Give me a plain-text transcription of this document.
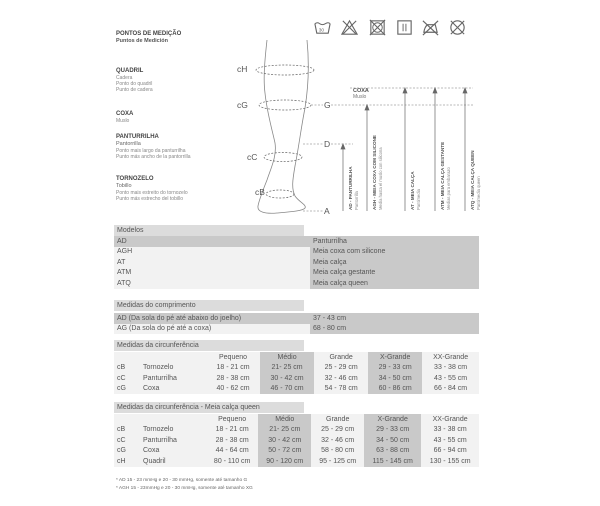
PONTOS DE MEDIÇÃO
Puntos de Medición
QUADRIL
Cadera
Ponto do quadril
Punto de cadera
COXA
Muslo
PANTURRILHA
Pantorrilla
Ponto mais largo da panturrilha
Punto más ancho de la pantorrilla
TORNOZELO
Tobillo
Ponto mais estreito do tornozelo
Punto más estrecho del tobillo
cH
cG
cC
cB
G
D
A
COXA
Muslo
AD - PANTURRILHA Pantorrilla	AGH - MEIA COXA COM SILICONE Media hasta el muslo con silicona	AT - MEIA CALÇA Pantimedia	ATM - MEIA CALÇA GESTANTE Medias para embarazo	ATQ - MEIA CALÇA QUEEN Pantimedia queen
30
Modelos
AD	Panturrilha
AGH	Meia coxa com silicone
AT	Meia calça
ATM	Meia calça gestante
ATQ	Meia calça queen
Medidas do comprimento
AD (Da sola do pé até abaixo do joelho)	37 - 43 cm
AG (Da sola do pé até a coxa)	68 - 80 cm
Medidas da circunferência
		Pequeno	Médio	Grande	X-Grande	XX-Grande
cB	Tornozelo	18 - 21 cm	21- 25 cm	25 - 29 cm	29 - 33 cm	33 - 38 cm
cC	Panturrilha	28 - 38 cm	30 - 42 cm	32 - 46 cm	34 - 50 cm	43 - 55 cm
cG	Coxa	40 - 62 cm	46 - 70 cm	54 - 78 cm	60 - 86 cm	66 - 84 cm
Medidas da circunferência - Meia calça queen
		Pequeno	Médio	Grande	X-Grande	XX-Grande
cB	Tornozelo	18 - 21 cm	21- 25 cm	25 - 29 cm	29 - 33 cm	33 - 38 cm
cC	Panturrilha	28 - 38 cm	30 - 42 cm	32 - 46 cm	34 - 50 cm	43 - 55 cm
cG	Coxa	44 - 64 cm	50 - 72 cm	58 - 80 cm	63 - 88 cm	66 - 94 cm
cH	Quadril	80 - 110 cm	90 - 120 cm	95 - 125 cm	115 - 145 cm	130 - 155 cm
* AD 15 - 23 mmHg e 20 - 30 mmHg, somente até tamanho G
* AGH 15 - 23mmHg e 20 - 30 mmHg, somente até tamanho XG
